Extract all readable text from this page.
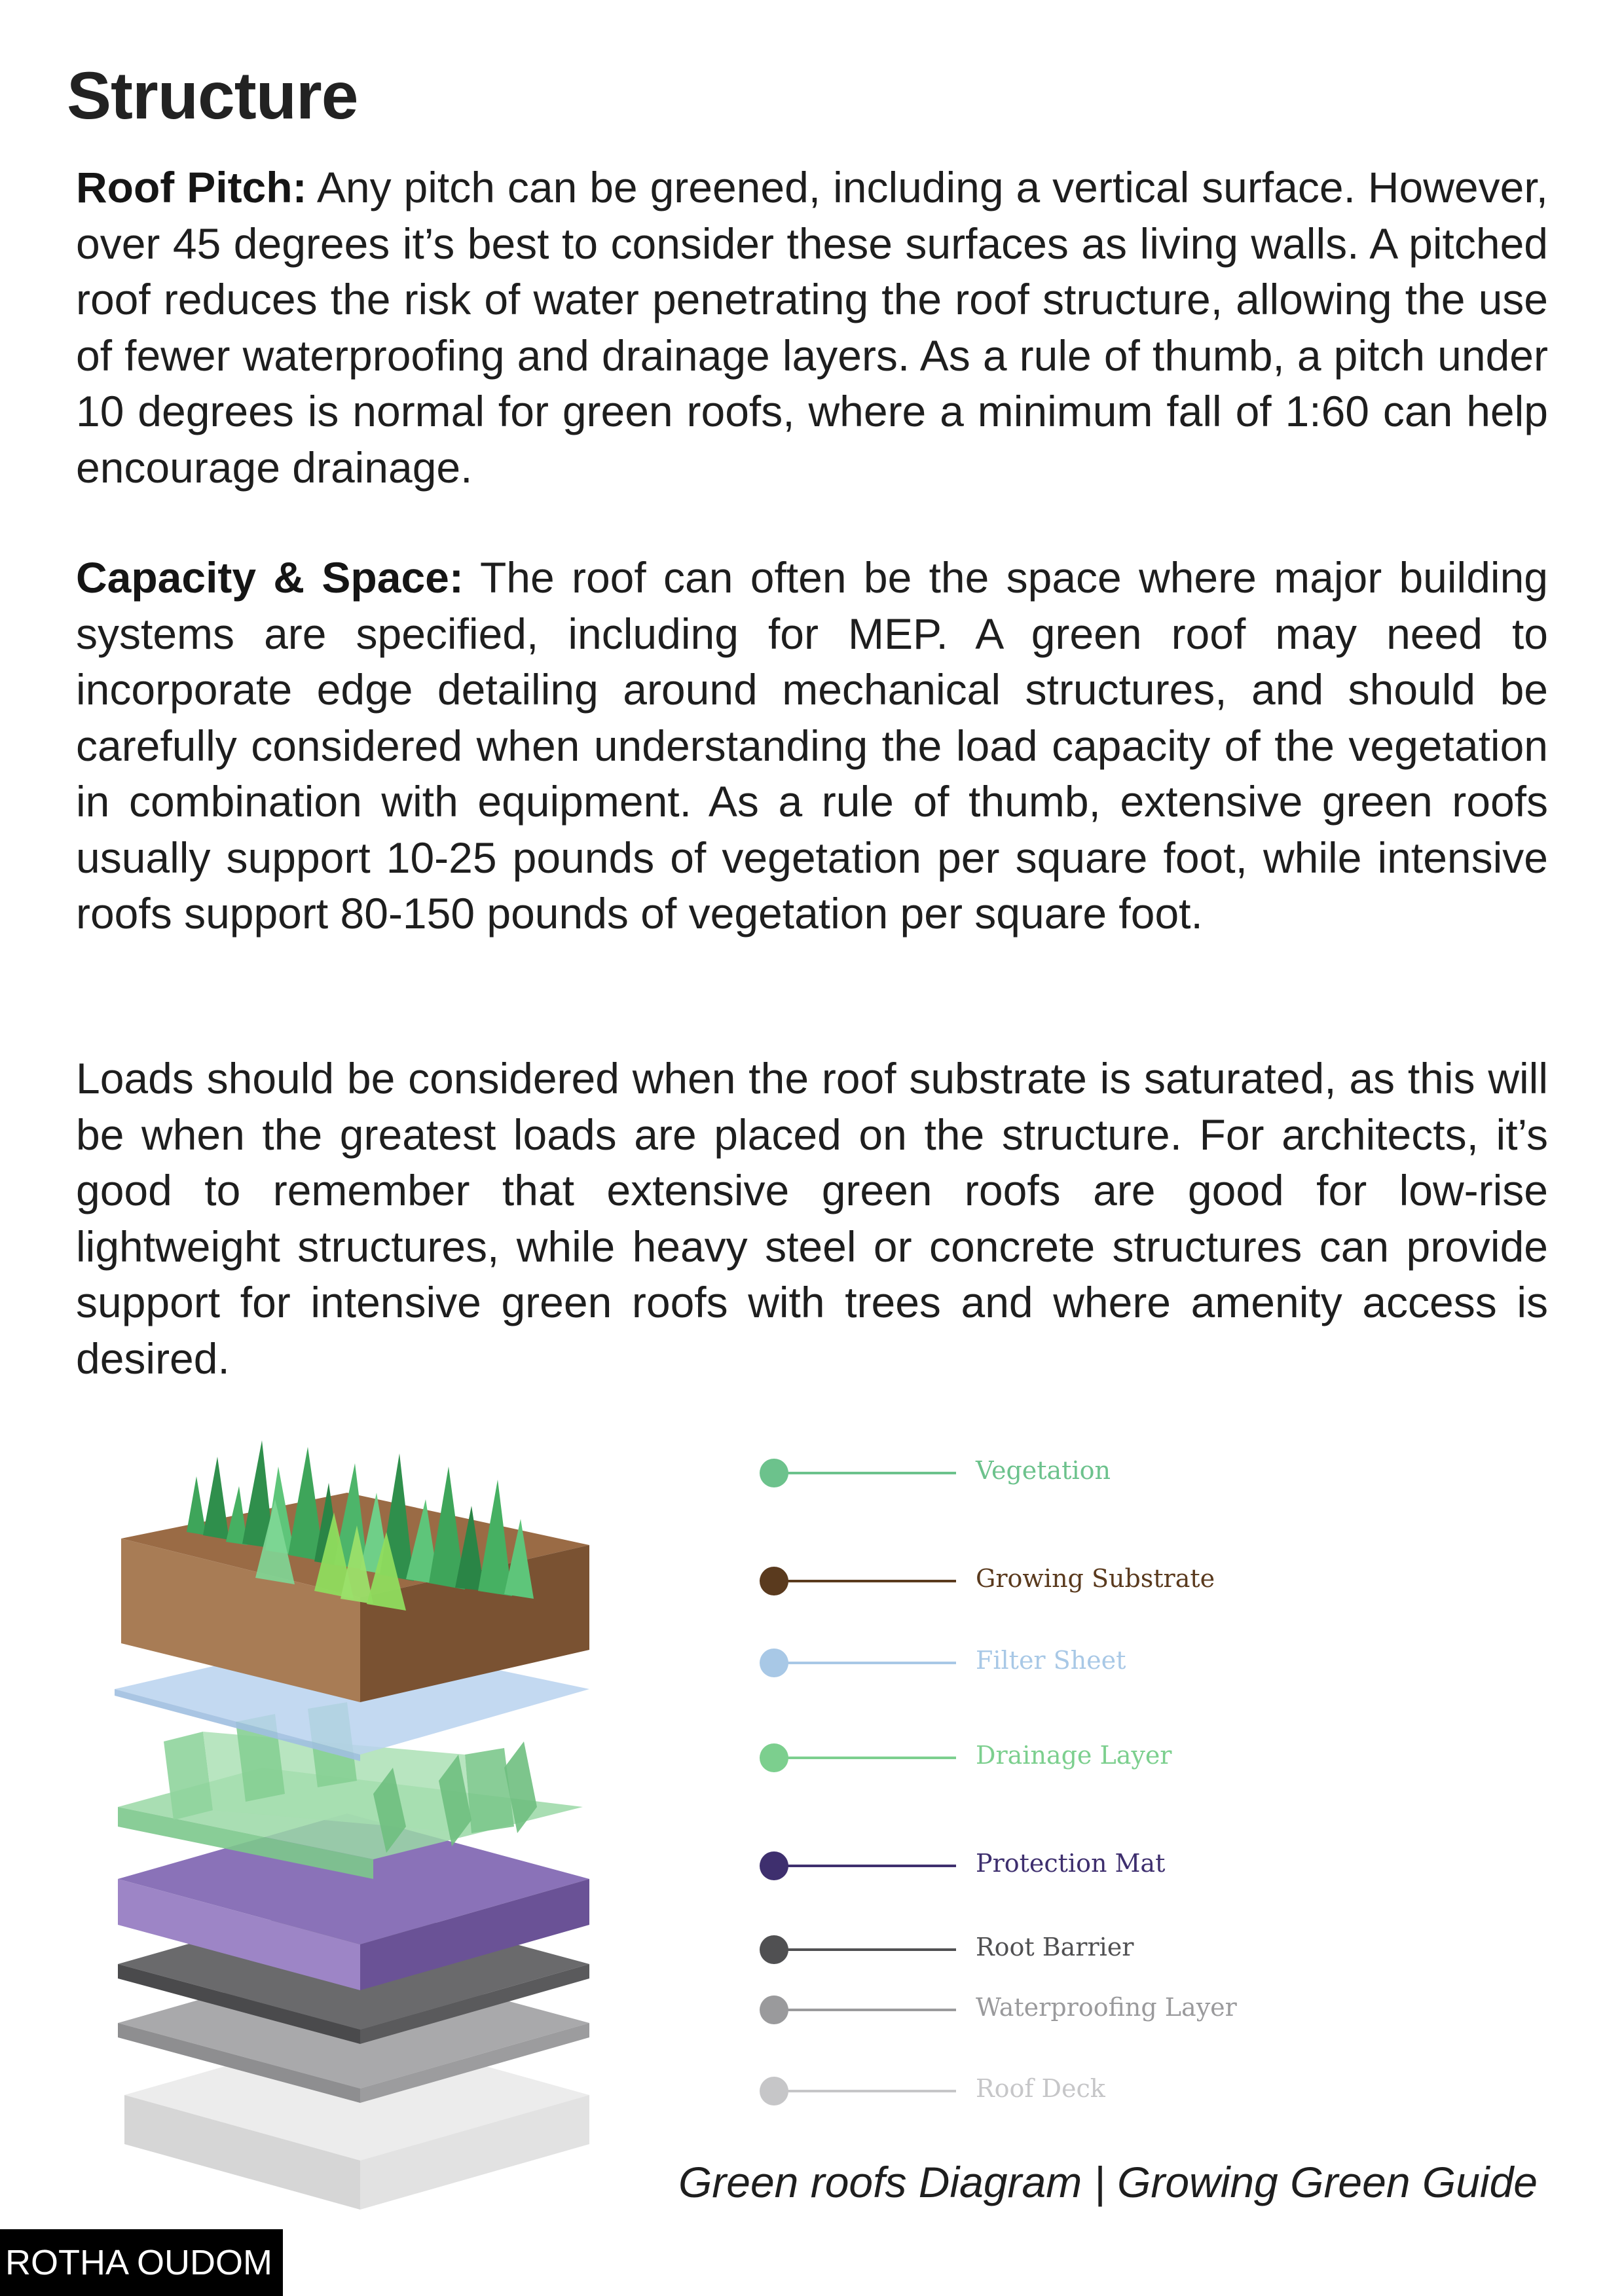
Structure

Roof Pitch: Any pitch can be greened, including a vertical surface. However, over 45 degrees it’s best to consider these surfaces as living walls. A pitched roof reduces the risk of water penetrating the roof structure, allowing the use of fewer waterproofing and drainage layers. As a rule of thumb, a pitch under 10 degrees is normal for green roofs, where a minimum fall of 1:60 can help encourage drainage.

Capacity & Space: The roof can often be the space where major building systems are specified, including for MEP. A green roof may need to incorporate edge detailing around mechanical structures, and should be carefully considered when understanding the load capacity of the vegetation in combination with equipment. As a rule of thumb, extensive green roofs usually support 10-25 pounds of vegetation per square foot, while intensive roofs support 80-150 pounds of vegetation per square foot.

Loads should be considered when the roof substrate is saturated, as this will be when the greatest loads are placed on the structure. For architects, it’s good to remember that extensive green roofs are good for low-rise lightweight structures, while heavy steel or concrete structures can provide support for intensive green roofs with trees and where amenity access is desired.

Vegetation
Growing Substrate
Filter Sheet
Drainage Layer
Protection Mat
Root Barrier
Waterproofing Layer
Roof Deck
Green roofs Diagram | Growing Green Guide
ROTHA OUDOM
